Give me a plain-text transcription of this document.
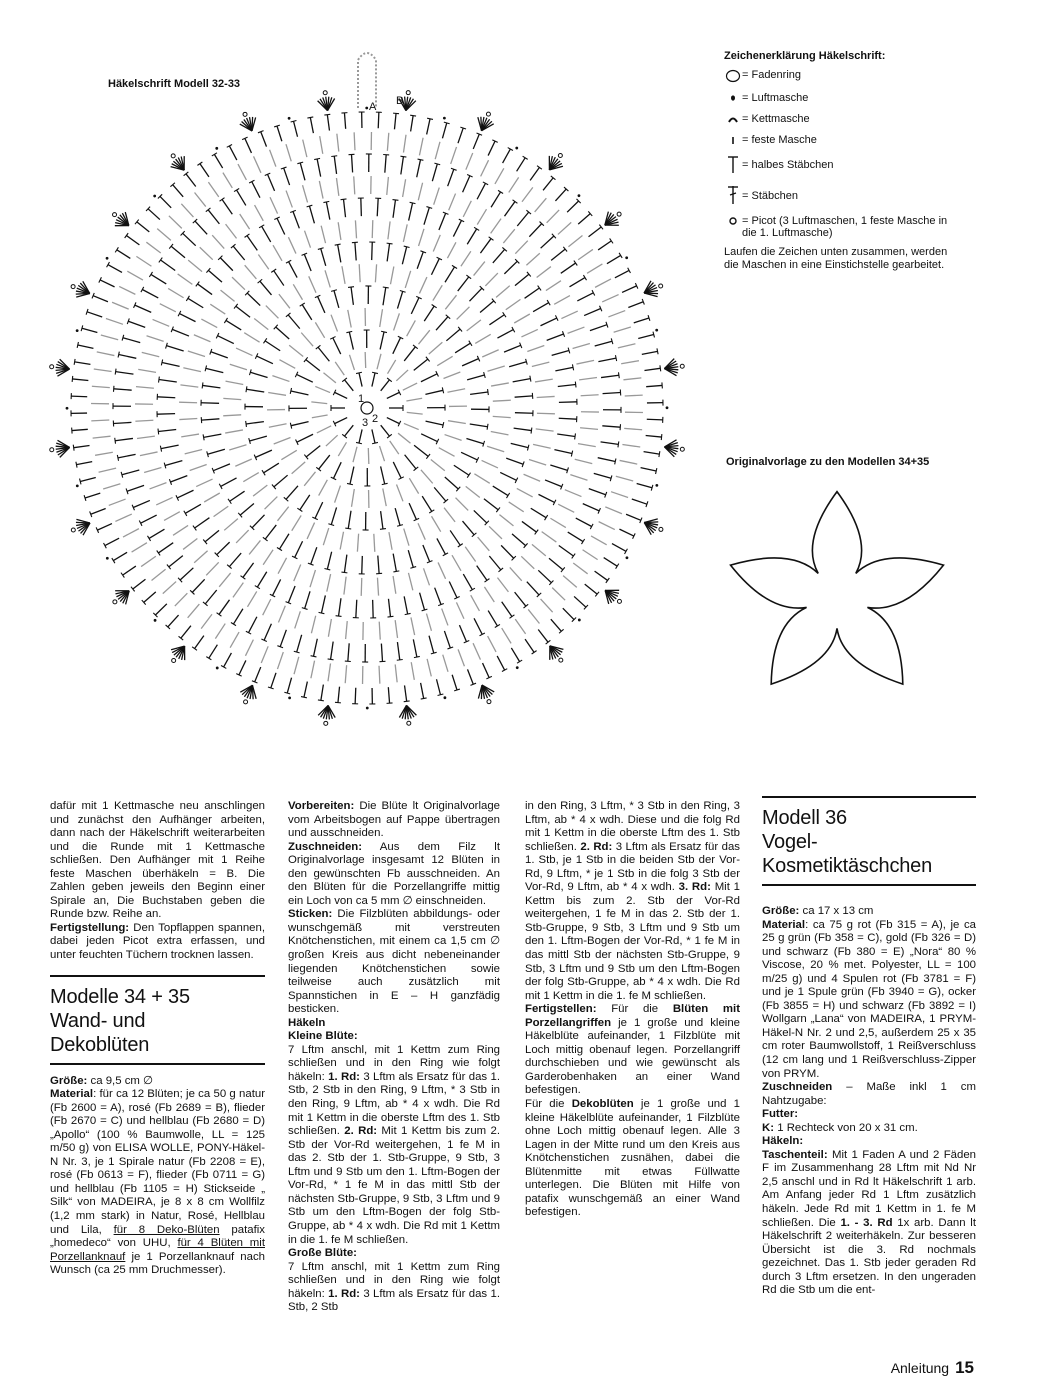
Häkelschrift Modell 32-33
A B
1
2
3
Zeichenerklärung Häkelschrift:
= Fadenring
= Luftmasche
= Kettmasche
= feste Masche
= halbes Stäbchen
= Stäbchen
= Picot (3 Luftmaschen, 1 feste Masche in die 1. Luftmasche)
Laufen die Zeichen unten zusammen, werden die Maschen in eine Einstichstelle gearbeitet.
Originalvorlage zu den Modellen 34+35

dafür mit 1 Kettmasche neu anschlingen und zunächst den Aufhänger arbeiten, dann nach der Häkelschrift weiterarbeiten und die Runde mit 1 Kettmasche schließen. Den Aufhänger mit 1 Reihe feste Maschen überhäkeln = B. Die Zahlen geben jeweils den Beginn einer Spirale an, Die Buchstaben geben die Runde bzw. Reihe an.

Fertigstellung: Den Topflappen spannen, dabei jeden Picot extra erfassen, und unter feuchten Tüchern trocknen lassen.

Modelle 34 + 35
Wand- und
Dekoblüten

Größe: ca 9,5 cm ∅

Material: für ca 12 Blüten; je ca 50 g natur (Fb 2600 = A), rosé (Fb 2689 = B), flieder (Fb 2670 = C) und hellblau (Fb 2680 = D) „Apollo“ (100 % Baumwolle, LL = 125 m/50 g) von ELISA WOLLE, PONY-Häkel-N Nr. 3, je 1 Spirale natur (Fb 2208 = E), rosé (Fb 0613 = F), flieder (Fb 0711 = G) und hellblau (Fb 1105 = H) Stickseide „ Silk“ von MADEIRA, je 8 x 8 cm Wollfilz (1,2 mm stark) in Natur, Rosé, Hellblau und Lila, für 8 Deko-Blüten patafix „homedeco“ von UHU, für 4 Blüten mit Porzellanknauf je 1 Porzellanknauf nach Wunsch (ca 25 mm Druchmesser).

Vorbereiten: Die Blüte lt Originalvorlage vom Arbeitsbogen auf Pappe übertragen und ausschneiden.

Zuschneiden: Aus dem Filz lt Originalvorlage insgesamt 12 Blüten in den gewünschten Fb ausschneiden. An den Blüten für die Porzellangriffe mittig ein Loch von ca 5 mm ∅ einschneiden.

Sticken: Die Filzblüten abbildungs- oder wunschgemäß mit verstreuten Knötchenstichen, mit einem ca 1,5 cm ∅ großen Kreis aus dicht nebeneinander liegenden Knötchenstichen sowie teilweise auch zusätzlich mit Spannstichen in E – H ganzfädig besticken.

Häkeln

Kleine Blüte:

7 Lftm anschl, mit 1 Kettm zum Ring schließen und in den Ring wie folgt häkeln: 1. Rd: 3 Lftm als Ersatz für das 1. Stb, 2 Stb in den Ring, 9 Lftm, * 3 Stb in den Ring, 9 Lftm, ab * 4 x wdh. Die Rd mit 1 Kettm in die oberste Lftm des 1. Stb schließen. 2. Rd: Mit 1 Kettm bis zum 2. Stb der Vor-Rd weitergehen, 1 fe M in das 2. Stb der 1. Stb-Gruppe, 9 Stb, 3 Lftm und 9 Stb um den 1. Lftm-Bogen der Vor-Rd, * 1 fe M in das mittl Stb der nächsten Stb-Gruppe, 9 Stb, 3 Lftm und 9 Stb um den Lftm-Bogen der folg Stb-Gruppe, ab * 4 x wdh. Die Rd mit 1 Kettm in die 1. fe M schließen.

Große Blüte:

7 Lftm anschl, mit 1 Kettm zum Ring schließen und in den Ring wie folgt häkeln: 1. Rd: 3 Lftm als Ersatz für das 1. Stb, 2 Stb

in den Ring, 3 Lftm, * 3 Stb in den Ring, 3 Lftm, ab * 4 x wdh. Diese und die folg Rd mit 1 Kettm in die oberste Lftm des 1. Stb schließen. 2. Rd: 3 Lftm als Ersatz für das 1. Stb, je 1 Stb in die beiden Stb der Vor-Rd, 9 Lftm, * je 1 Stb in die folg 3 Stb der Vor-Rd, 9 Lftm, ab * 4 x wdh. 3. Rd: Mit 1 Kettm bis zum 2. Stb der Vor-Rd weitergehen, 1 fe M in das 2. Stb der 1. Stb-Gruppe, 9 Stb, 3 Lftm und 9 Stb um den 1. Lftm-Bogen der Vor-Rd, * 1 fe M in das mittl Stb der nächsten Stb-Gruppe, 9 Stb, 3 Lftm und 9 Stb um den Lftm-Bogen der folg Stb-Gruppe, ab * 4 x wdh. Die Rd mit 1 Kettm in die 1. fe M schließen.

Fertigstellen: Für die Blüten mit Porzellangriffen je 1 große und kleine Häkelblüte aufeinander, 1 Filzblüte mit Loch mittig obenauf legen. Porzellangriff durchschieben und wie gewünscht als Garderobenhaken an einer Wand befestigen.

Für die Dekoblüten je 1 große und 1 kleine Häkelblüte aufeinander, 1 Filzblüte ohne Loch mittig obenauf legen. Alle 3 Lagen in der Mitte rund um den Kreis aus Knötchenstichen zusnähen, dabei die Blütenmitte mit etwas Füllwatte unterlegen. Die Blüten mit Hilfe von patafix wunschgemäß an einer Wand befestigen.

Modell 36
Vogel-
Kosmetiktäschchen

Größe: ca 17 x 13 cm

Material: ca 75 g rot (Fb 315 = A), je ca 25 g grün (Fb 358 = C), gold (Fb 326 = D) und schwarz (Fb 380 = E) „Nora“ 80 % Viscose, 20 % met. Polyester, LL = 100 m/25 g) und 4 Spulen rot (Fb 3781 = F) und je 1 Spule grün (Fb 3940 = G), ocker (Fb 3855 = H) und schwarz (Fb 3892 = I) Wollgarn „Lana“ von MADEIRA, 1 PRYM-Häkel-N Nr. 2 und 2,5, außerdem 25 x 35 cm roter Baumwollstoff, 1 Reißverschluss (12 cm lang und 1 Reißverschluss-Zipper von PRYM.

Zuschneiden – Maße inkl 1 cm Nahtzugabe:

Futter:

K: 1 Rechteck von 20 x 31 cm.

Häkeln:

Taschenteil: Mit 1 Faden A und 2 Fäden F im Zusammenhang 28 Lftm mit Nd Nr 2,5 anschl und in Rd lt Häkelschrift 1 arb. Am Anfang jeder Rd 1 Lftm zusätzlich häkeln. Jede Rd mit 1 Kettm in 1. fe M schließen. Die 1. - 3. Rd 1x arb. Dann lt Häkelschrift 2 weiterhäkeln. Zur besseren Übersicht ist die 3. Rd nochmals gezeichnet. Das 1. Stb jeder geraden Rd durch 3 Lftm ersetzen. In den ungeraden Rd die Stb um die ent-

Anleitung 15
